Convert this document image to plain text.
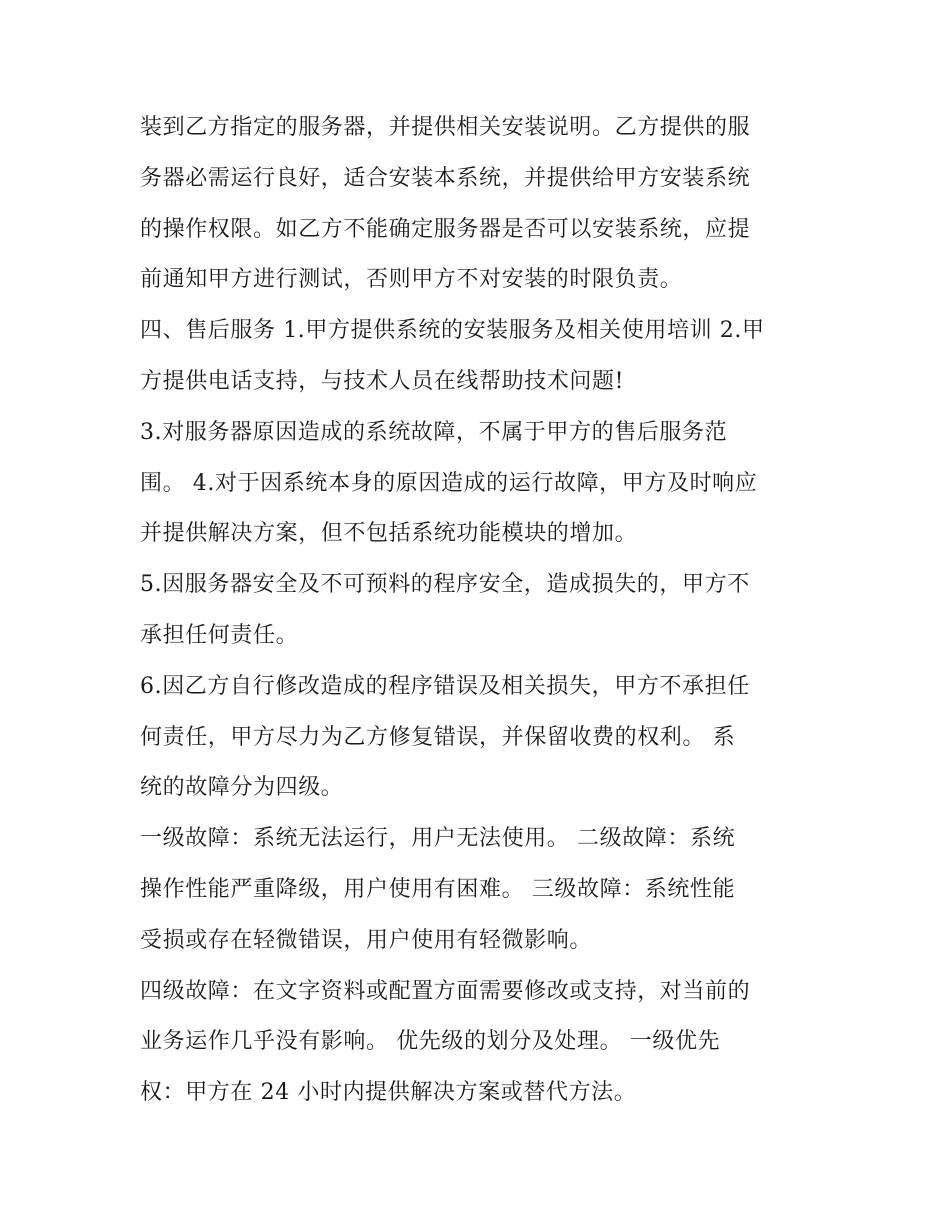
装到乙方指定的服务器，并提供相关安装说明。乙方提供的服
务器必需运行良好，适合安装本系统，并提供给甲方安装系统
的操作权限。如乙方不能确定服务器是否可以安装系统，应提
前通知甲方进行测试，否则甲方不对安装的时限负责。

四、售后服务 1.甲方提供系统的安装服务及相关使用培训 2.甲
方提供电话支持，与技术人员在线帮助技术问题!

3.对服务器原因造成的系统故障，不属于甲方的售后服务范
围。 4.对于因系统本身的原因造成的运行故障，甲方及时响应
并提供解决方案，但不包括系统功能模块的增加。

5.因服务器安全及不可预料的程序安全，造成损失的，甲方不
承担任何责任。

6.因乙方自行修改造成的程序错误及相关损失，甲方不承担任
何责任，甲方尽力为乙方修复错误，并保留收费的权利。 系
统的故障分为四级。

一级故障：系统无法运行，用户无法使用。 二级故障：系统
操作性能严重降级，用户使用有困难。 三级故障：系统性能
受损或存在轻微错误，用户使用有轻微影响。

四级故障：在文字资料或配置方面需要修改或支持，对当前的
业务运作几乎没有影响。 优先级的划分及处理。 一级优先
权：甲方在 24 小时内提供解决方案或替代方法。
